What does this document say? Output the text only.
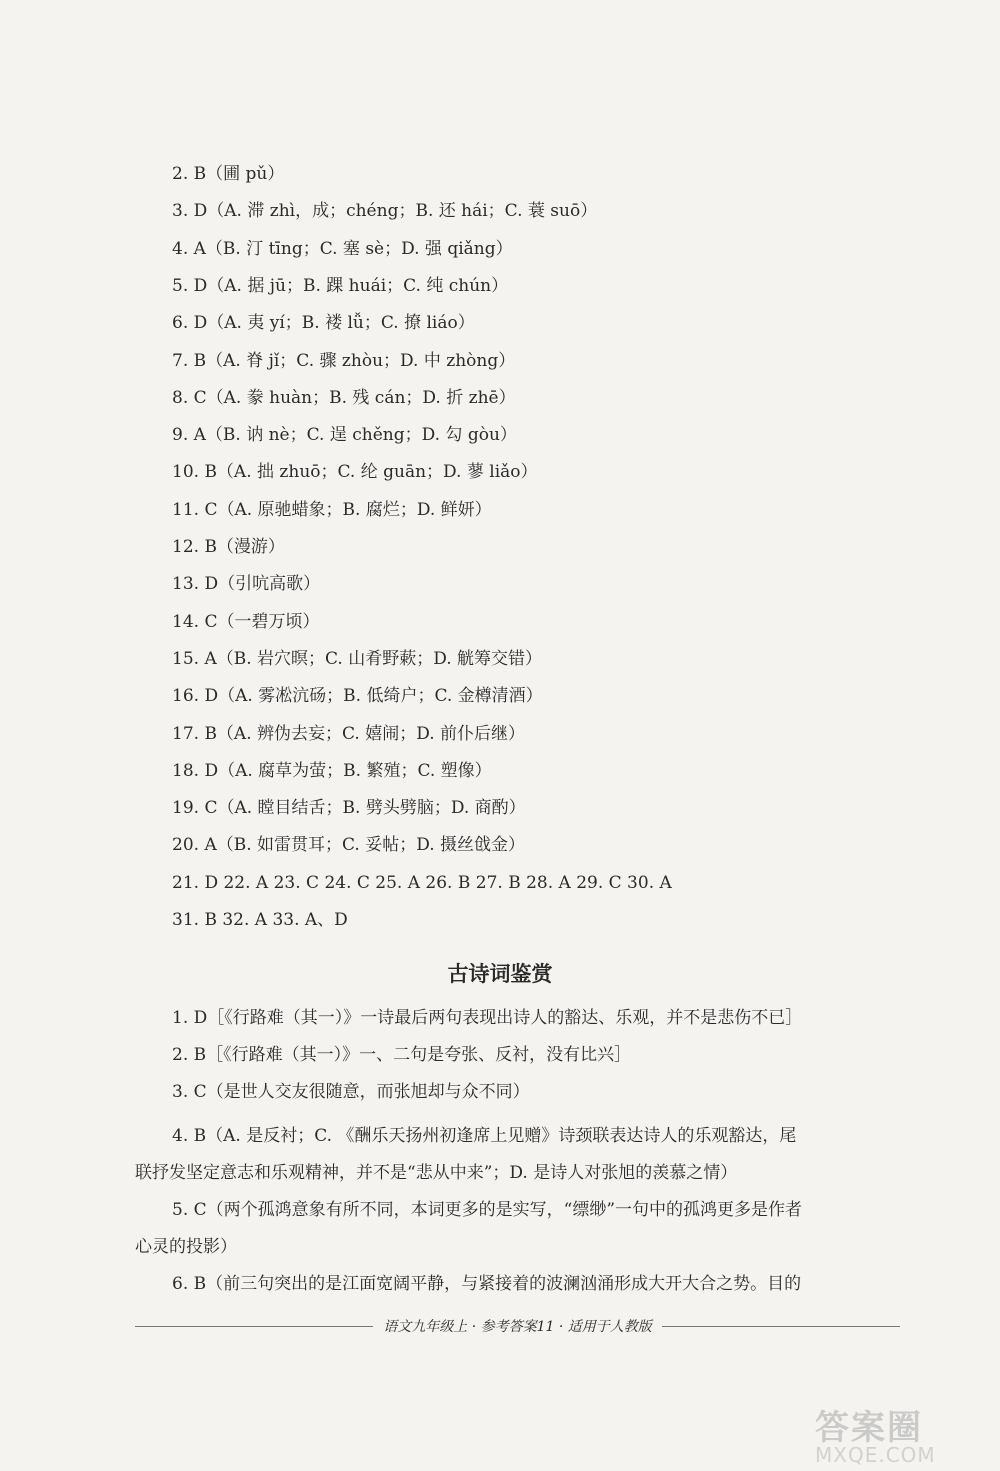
2. B（圃 pǔ）
3. D（A. 滞 zhì，成；chéng；B. 还 hái；C. 蓑 suō）
4. A（B. 汀 tīng；C. 塞 sè；D. 强 qiǎng）
5. D（A. 据 jū；B. 踝 huái；C. 纯 chún）
6. D（A. 夷 yí；B. 褛 lǚ；C. 撩 liáo）
7. B（A. 脊 jǐ；C. 骤 zhòu；D. 中 zhòng）
8. C（A. 豢 huàn；B. 残 cán；D. 折 zhē）
9. A（B. 讷 nè；C. 逞 chěng；D. 勾 gòu）
10. B（A. 拙 zhuō；C. 纶 guān；D. 蓼 liǎo）
11. C（A. 原驰蜡象；B. 腐烂；D. 鲜妍）
12. B（漫游）
13. D（引吭高歌）
14. C（一碧万顷）
15. A（B. 岩穴暝；C. 山肴野蔌；D. 觥筹交错）
16. D（A. 雾凇沆砀；B. 低绮户；C. 金樽清酒）
17. B（A. 辨伪去妄；C. 嬉闹；D. 前仆后继）
18. D（A. 腐草为萤；B. 繁殖；C. 塑像）
19. C（A. 瞠目结舌；B. 劈头劈脑；D. 商酌）
20. A（B. 如雷贯耳；C. 妥帖；D. 摄丝戗金）
21. D 22. A 23. C 24. C 25. A 26. B 27. B 28. A 29. C 30. A
31. B 32. A 33. A、D
古诗词鉴赏
1. D［《行路难（其一）》一诗最后两句表现出诗人的豁达、乐观，并不是悲伤不已］
2. B［《行路难（其一）》一、二句是夸张、反衬，没有比兴］
3. C（是世人交友很随意，而张旭却与众不同）
4. B（A. 是反衬；C. 《酬乐天扬州初逢席上见赠》诗颈联表达诗人的乐观豁达，尾
联抒发坚定意志和乐观精神，并不是“悲从中来”；D. 是诗人对张旭的羡慕之情）
5. C（两个孤鸿意象有所不同，本词更多的是实写，“缥缈”一句中的孤鸿更多是作者
心灵的投影）
6. B（前三句突出的是江面宽阔平静，与紧接着的波澜汹涌形成大开大合之势。目的
语文九年级上 · 参考答案11 · 适用于人教版
答案圈
MXQE.COM
